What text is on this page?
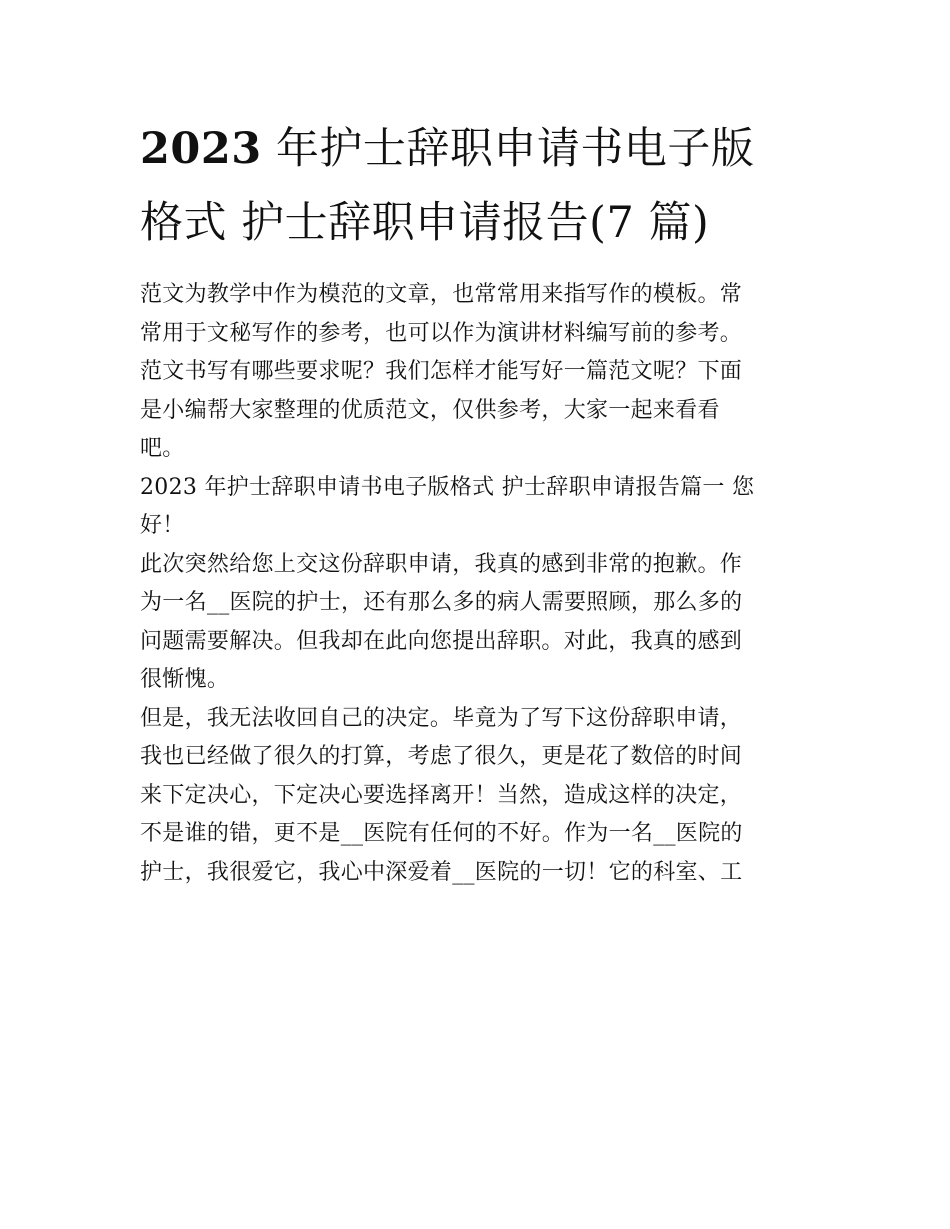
2023 年护士辞职申请书电子版
格式 护士辞职申请报告(7 篇)

范文为教学中作为模范的文章，也常常用来指写作的模板。常
常用于文秘写作的参考，也可以作为演讲材料编写前的参考。
范文书写有哪些要求呢？我们怎样才能写好一篇范文呢？下面
是小编帮大家整理的优质范文，仅供参考，大家一起来看看
吧。

2023 年护士辞职申请书电子版格式 护士辞职申请报告篇一 您
好！

此次突然给您上交这份辞职申请，我真的感到非常的抱歉。作
为一名__医院的护士，还有那么多的病人需要照顾，那么多的
问题需要解决。但我却在此向您提出辞职。对此，我真的感到
很惭愧。

但是，我无法收回自己的决定。毕竟为了写下这份辞职申请，
我也已经做了很久的打算，考虑了很久，更是花了数倍的时间
来下定决心，下定决心要选择离开！当然，造成这样的决定，
不是谁的错，更不是__医院有任何的不好。作为一名__医院的
护士，我很爱它，我心中深爱着__医院的一切！它的科室、工
